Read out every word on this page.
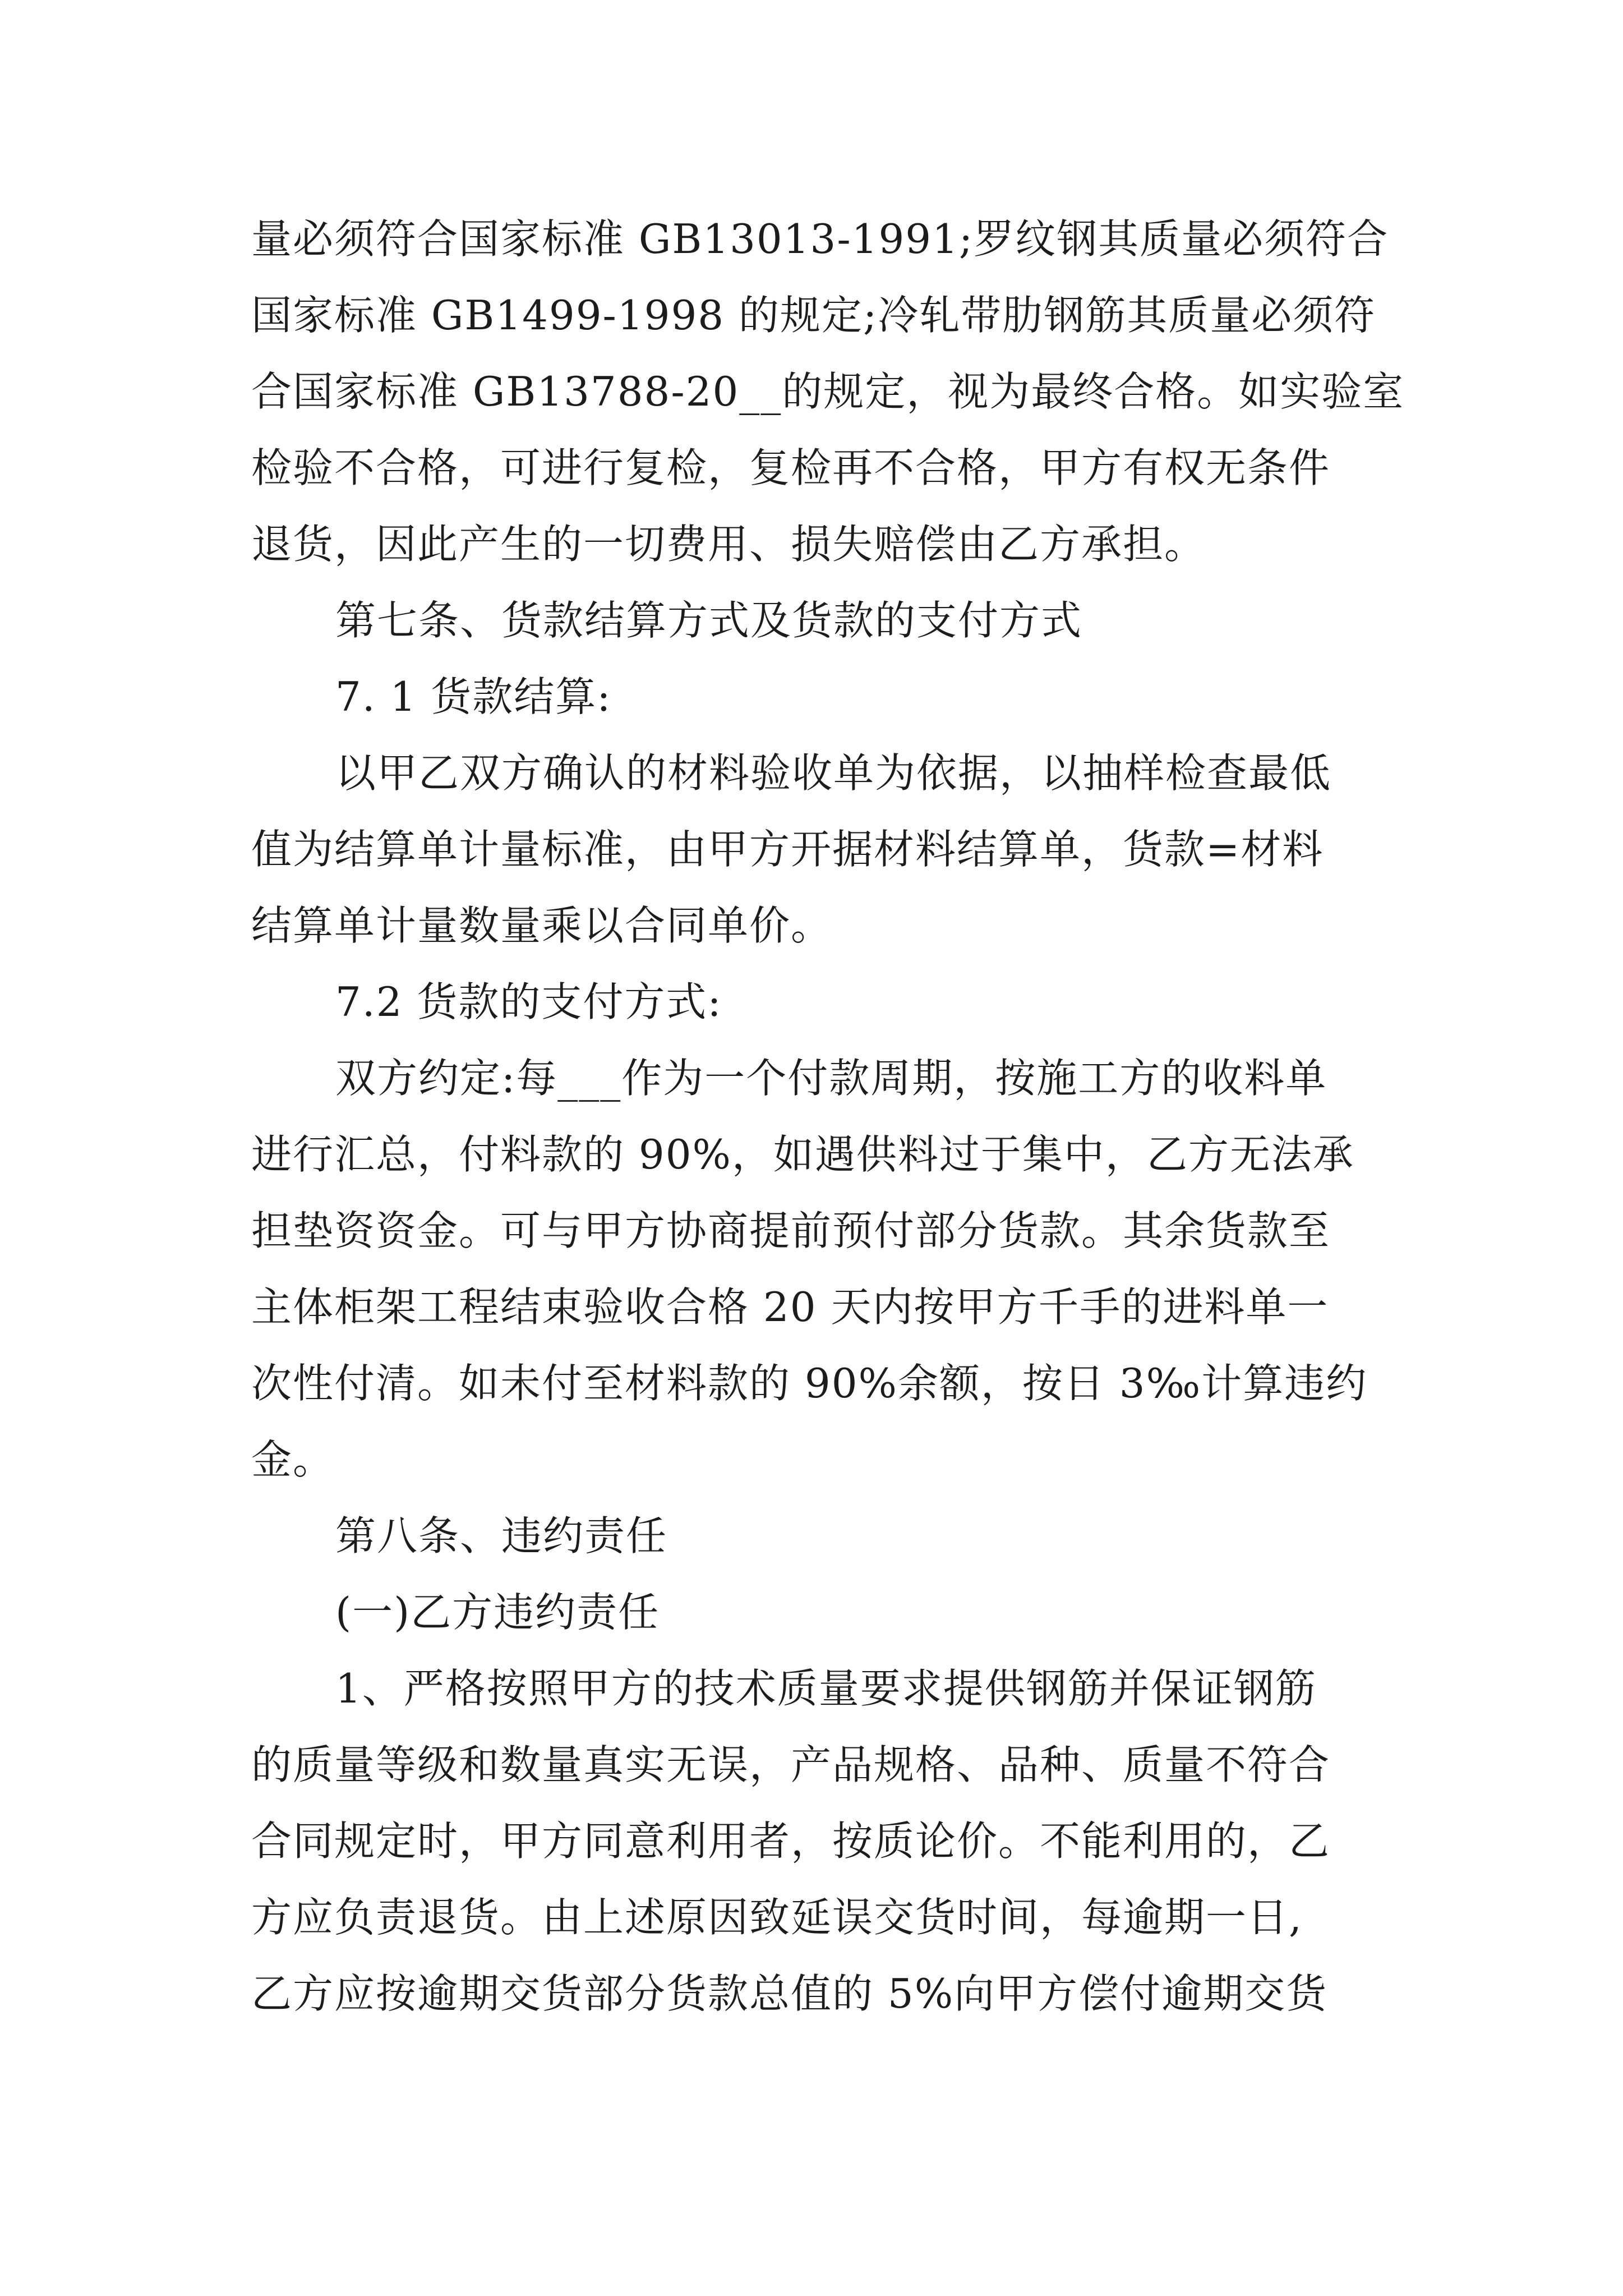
量必须符合国家标准 GB13013-1991;罗纹钢其质量必须符合
国家标准 GB1499-1998 的规定;冷轧带肋钢筋其质量必须符
合国家标准 GB13788-20__的规定，视为最终合格。如实验室
检验不合格，可进行复检，复检再不合格，甲方有权无条件
退货，因此产生的一切费用、损失赔偿由乙方承担。
第七条、货款结算方式及货款的支付方式
7. 1 货款结算:
以甲乙双方确认的材料验收单为依据，以抽样检查最低
值为结算单计量标准，由甲方开据材料结算单，货款=材料
结算单计量数量乘以合同单价。
7.2 货款的支付方式:
双方约定:每___作为一个付款周期，按施工方的收料单
进行汇总，付料款的 90%，如遇供料过于集中，乙方无法承
担垫资资金。可与甲方协商提前预付部分货款。其余货款至
主体柜架工程结束验收合格 20 天内按甲方千手的进料单一
次性付清。如未付至材料款的 90%余额，按日 3‰计算违约
金。
第八条、违约责任
(一)乙方违约责任
1、严格按照甲方的技术质量要求提供钢筋并保证钢筋
的质量等级和数量真实无误，产品规格、品种、质量不符合
合同规定时，甲方同意利用者，按质论价。不能利用的，乙
方应负责退货。由上述原因致延误交货时间，每逾期一日,
乙方应按逾期交货部分货款总值的 5%向甲方偿付逾期交货
